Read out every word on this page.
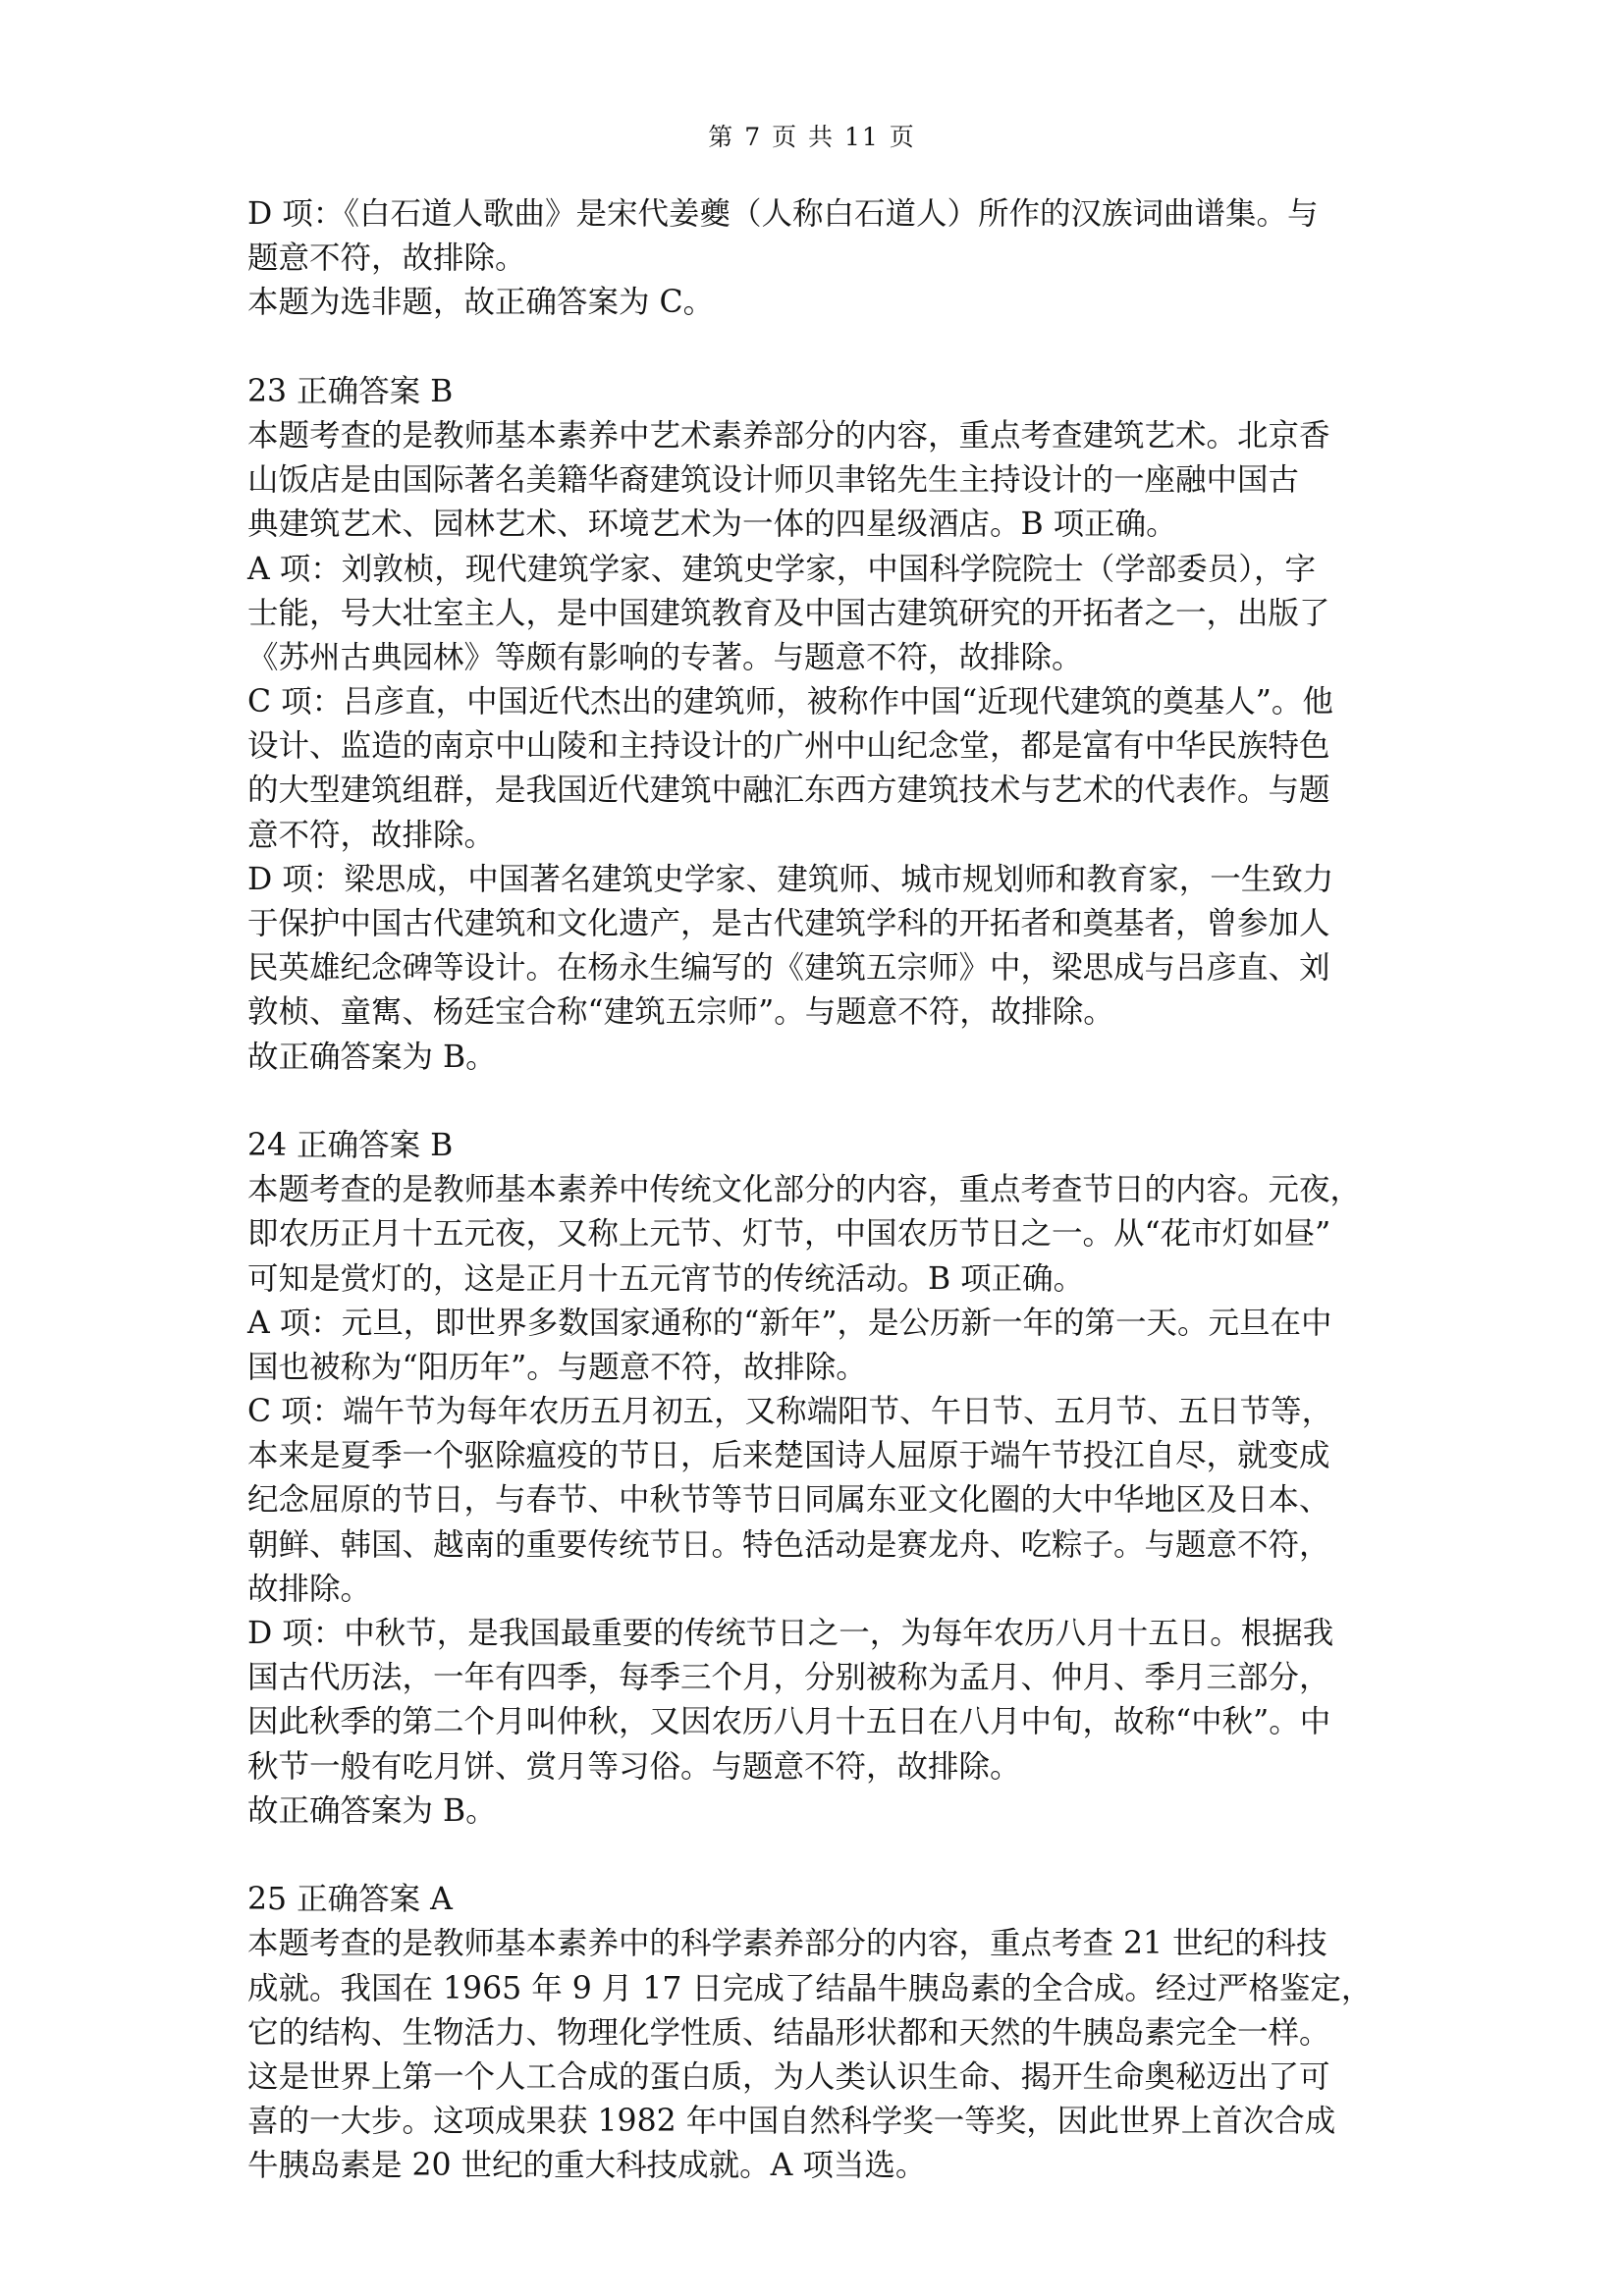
第 7 页 共 11 页
D 项：《白石道人歌曲》是宋代姜夔（人称白石道人）所作的汉族词曲谱集。与
题意不符，故排除。
本题为选非题，故正确答案为 C。
23 正确答案 B
本题考查的是教师基本素养中艺术素养部分的内容，重点考查建筑艺术。北京香
山饭店是由国际著名美籍华裔建筑设计师贝聿铭先生主持设计的一座融中国古
典建筑艺术、园林艺术、环境艺术为一体的四星级酒店。B 项正确。
A 项：刘敦桢，现代建筑学家、建筑史学家，中国科学院院士（学部委员），字
士能，号大壮室主人，是中国建筑教育及中国古建筑研究的开拓者之一，出版了
《苏州古典园林》等颇有影响的专著。与题意不符，故排除。
C 项：吕彦直，中国近代杰出的建筑师，被称作中国“近现代建筑的奠基人”。他
设计、监造的南京中山陵和主持设计的广州中山纪念堂，都是富有中华民族特色
的大型建筑组群，是我国近代建筑中融汇东西方建筑技术与艺术的代表作。与题
意不符，故排除。
D 项：梁思成，中国著名建筑史学家、建筑师、城市规划师和教育家，一生致力
于保护中国古代建筑和文化遗产，是古代建筑学科的开拓者和奠基者，曾参加人
民英雄纪念碑等设计。在杨永生编写的《建筑五宗师》中，梁思成与吕彦直、刘
敦桢、童寯、杨廷宝合称“建筑五宗师”。与题意不符，故排除。
故正确答案为 B。
24 正确答案 B
本题考查的是教师基本素养中传统文化部分的内容，重点考查节日的内容。元夜，
即农历正月十五元夜，又称上元节、灯节，中国农历节日之一。从“花市灯如昼”
可知是赏灯的，这是正月十五元宵节的传统活动。B 项正确。
A 项：元旦，即世界多数国家通称的“新年”，是公历新一年的第一天。元旦在中
国也被称为“阳历年”。与题意不符，故排除。
C 项：端午节为每年农历五月初五，又称端阳节、午日节、五月节、五日节等，
本来是夏季一个驱除瘟疫的节日，后来楚国诗人屈原于端午节投江自尽，就变成
纪念屈原的节日，与春节、中秋节等节日同属东亚文化圈的大中华地区及日本、
朝鲜、韩国、越南的重要传统节日。特色活动是赛龙舟、吃粽子。与题意不符，
故排除。
D 项：中秋节，是我国最重要的传统节日之一，为每年农历八月十五日。根据我
国古代历法，一年有四季，每季三个月，分别被称为孟月、仲月、季月三部分，
因此秋季的第二个月叫仲秋，又因农历八月十五日在八月中旬，故称“中秋”。中
秋节一般有吃月饼、赏月等习俗。与题意不符，故排除。
故正确答案为 B。
25 正确答案 A
本题考查的是教师基本素养中的科学素养部分的内容，重点考查 21 世纪的科技
成就。我国在 1965 年 9 月 17 日完成了结晶牛胰岛素的全合成。经过严格鉴定，
它的结构、生物活力、物理化学性质、结晶形状都和天然的牛胰岛素完全一样。
这是世界上第一个人工合成的蛋白质，为人类认识生命、揭开生命奥秘迈出了可
喜的一大步。这项成果获 1982 年中国自然科学奖一等奖，因此世界上首次合成
牛胰岛素是 20 世纪的重大科技成就。A 项当选。
